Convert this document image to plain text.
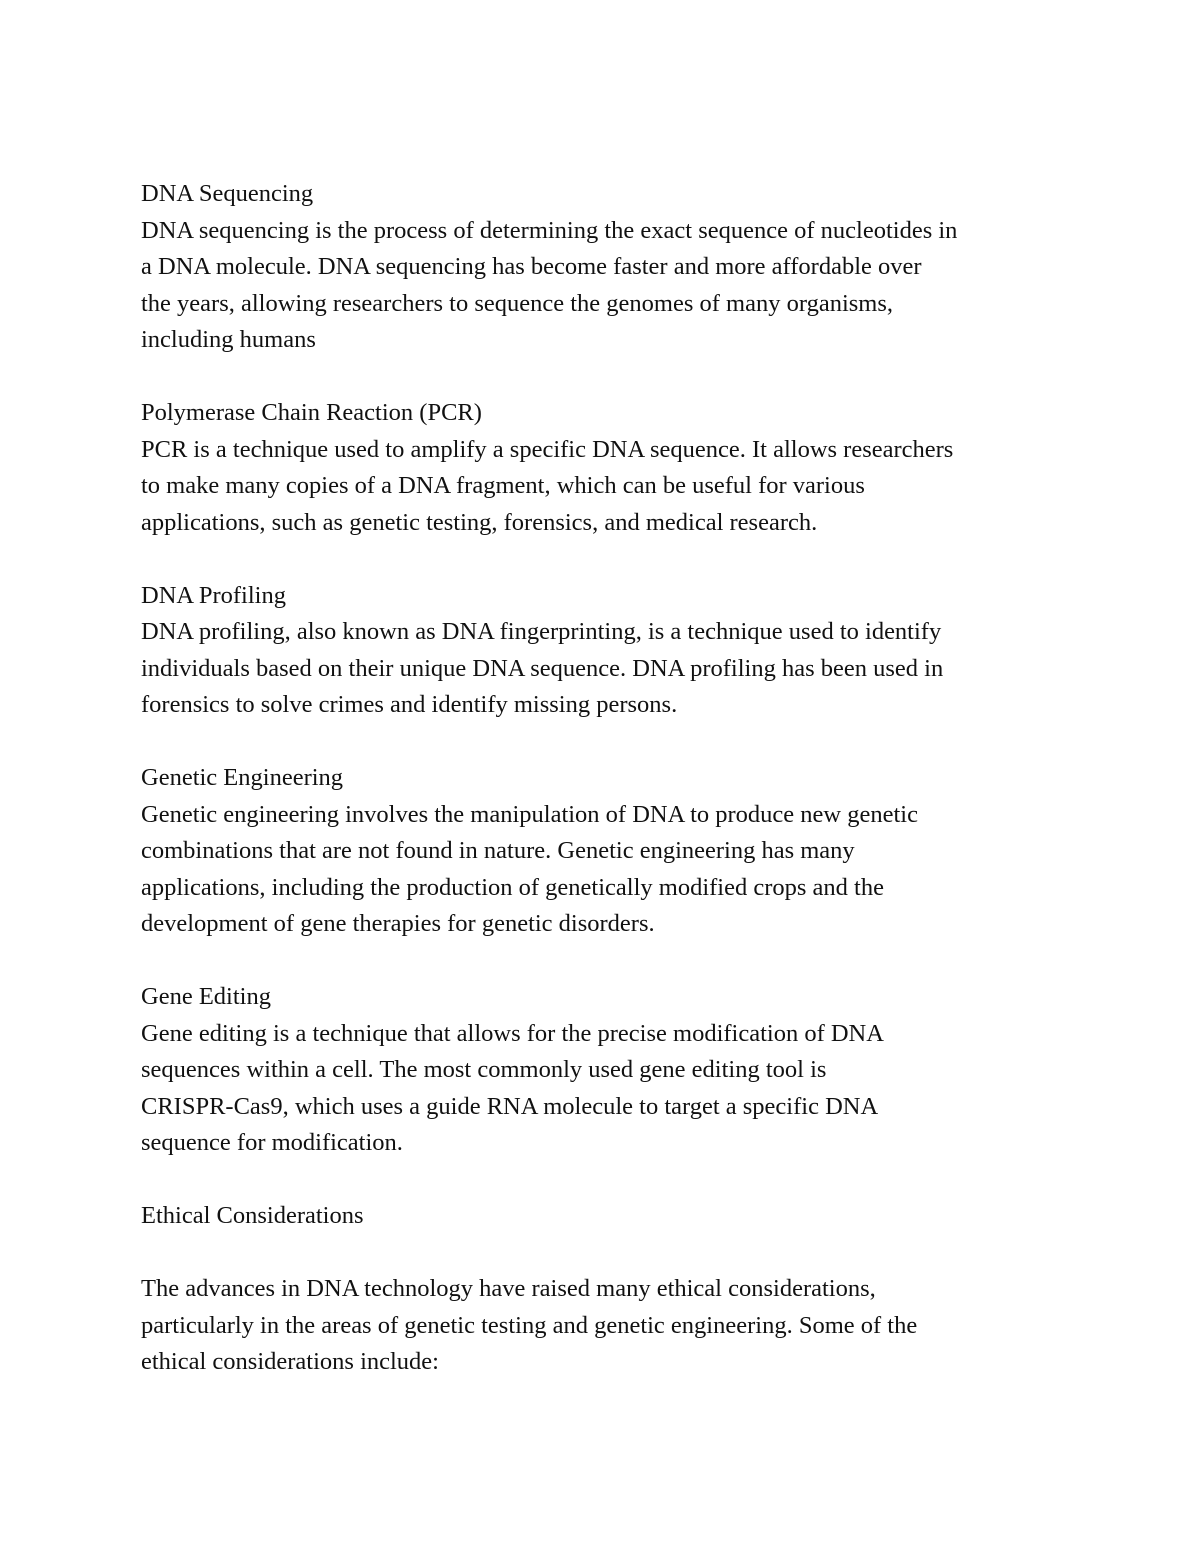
DNA Sequencing
DNA sequencing is the process of determining the exact sequence of nucleotides in
a DNA molecule. DNA sequencing has become faster and more affordable over
the years, allowing researchers to sequence the genomes of many organisms,
including humans
Polymerase Chain Reaction (PCR)
PCR is a technique used to amplify a specific DNA sequence. It allows researchers
to make many copies of a DNA fragment, which can be useful for various
applications, such as genetic testing, forensics, and medical research.
DNA Profiling
DNA profiling, also known as DNA fingerprinting, is a technique used to identify
individuals based on their unique DNA sequence. DNA profiling has been used in
forensics to solve crimes and identify missing persons.
Genetic Engineering
Genetic engineering involves the manipulation of DNA to produce new genetic
combinations that are not found in nature. Genetic engineering has many
applications, including the production of genetically modified crops and the
development of gene therapies for genetic disorders.
Gene Editing
Gene editing is a technique that allows for the precise modification of DNA
sequences within a cell. The most commonly used gene editing tool is
CRISPR-Cas9, which uses a guide RNA molecule to target a specific DNA
sequence for modification.
Ethical Considerations
The advances in DNA technology have raised many ethical considerations,
particularly in the areas of genetic testing and genetic engineering. Some of the
ethical considerations include:
